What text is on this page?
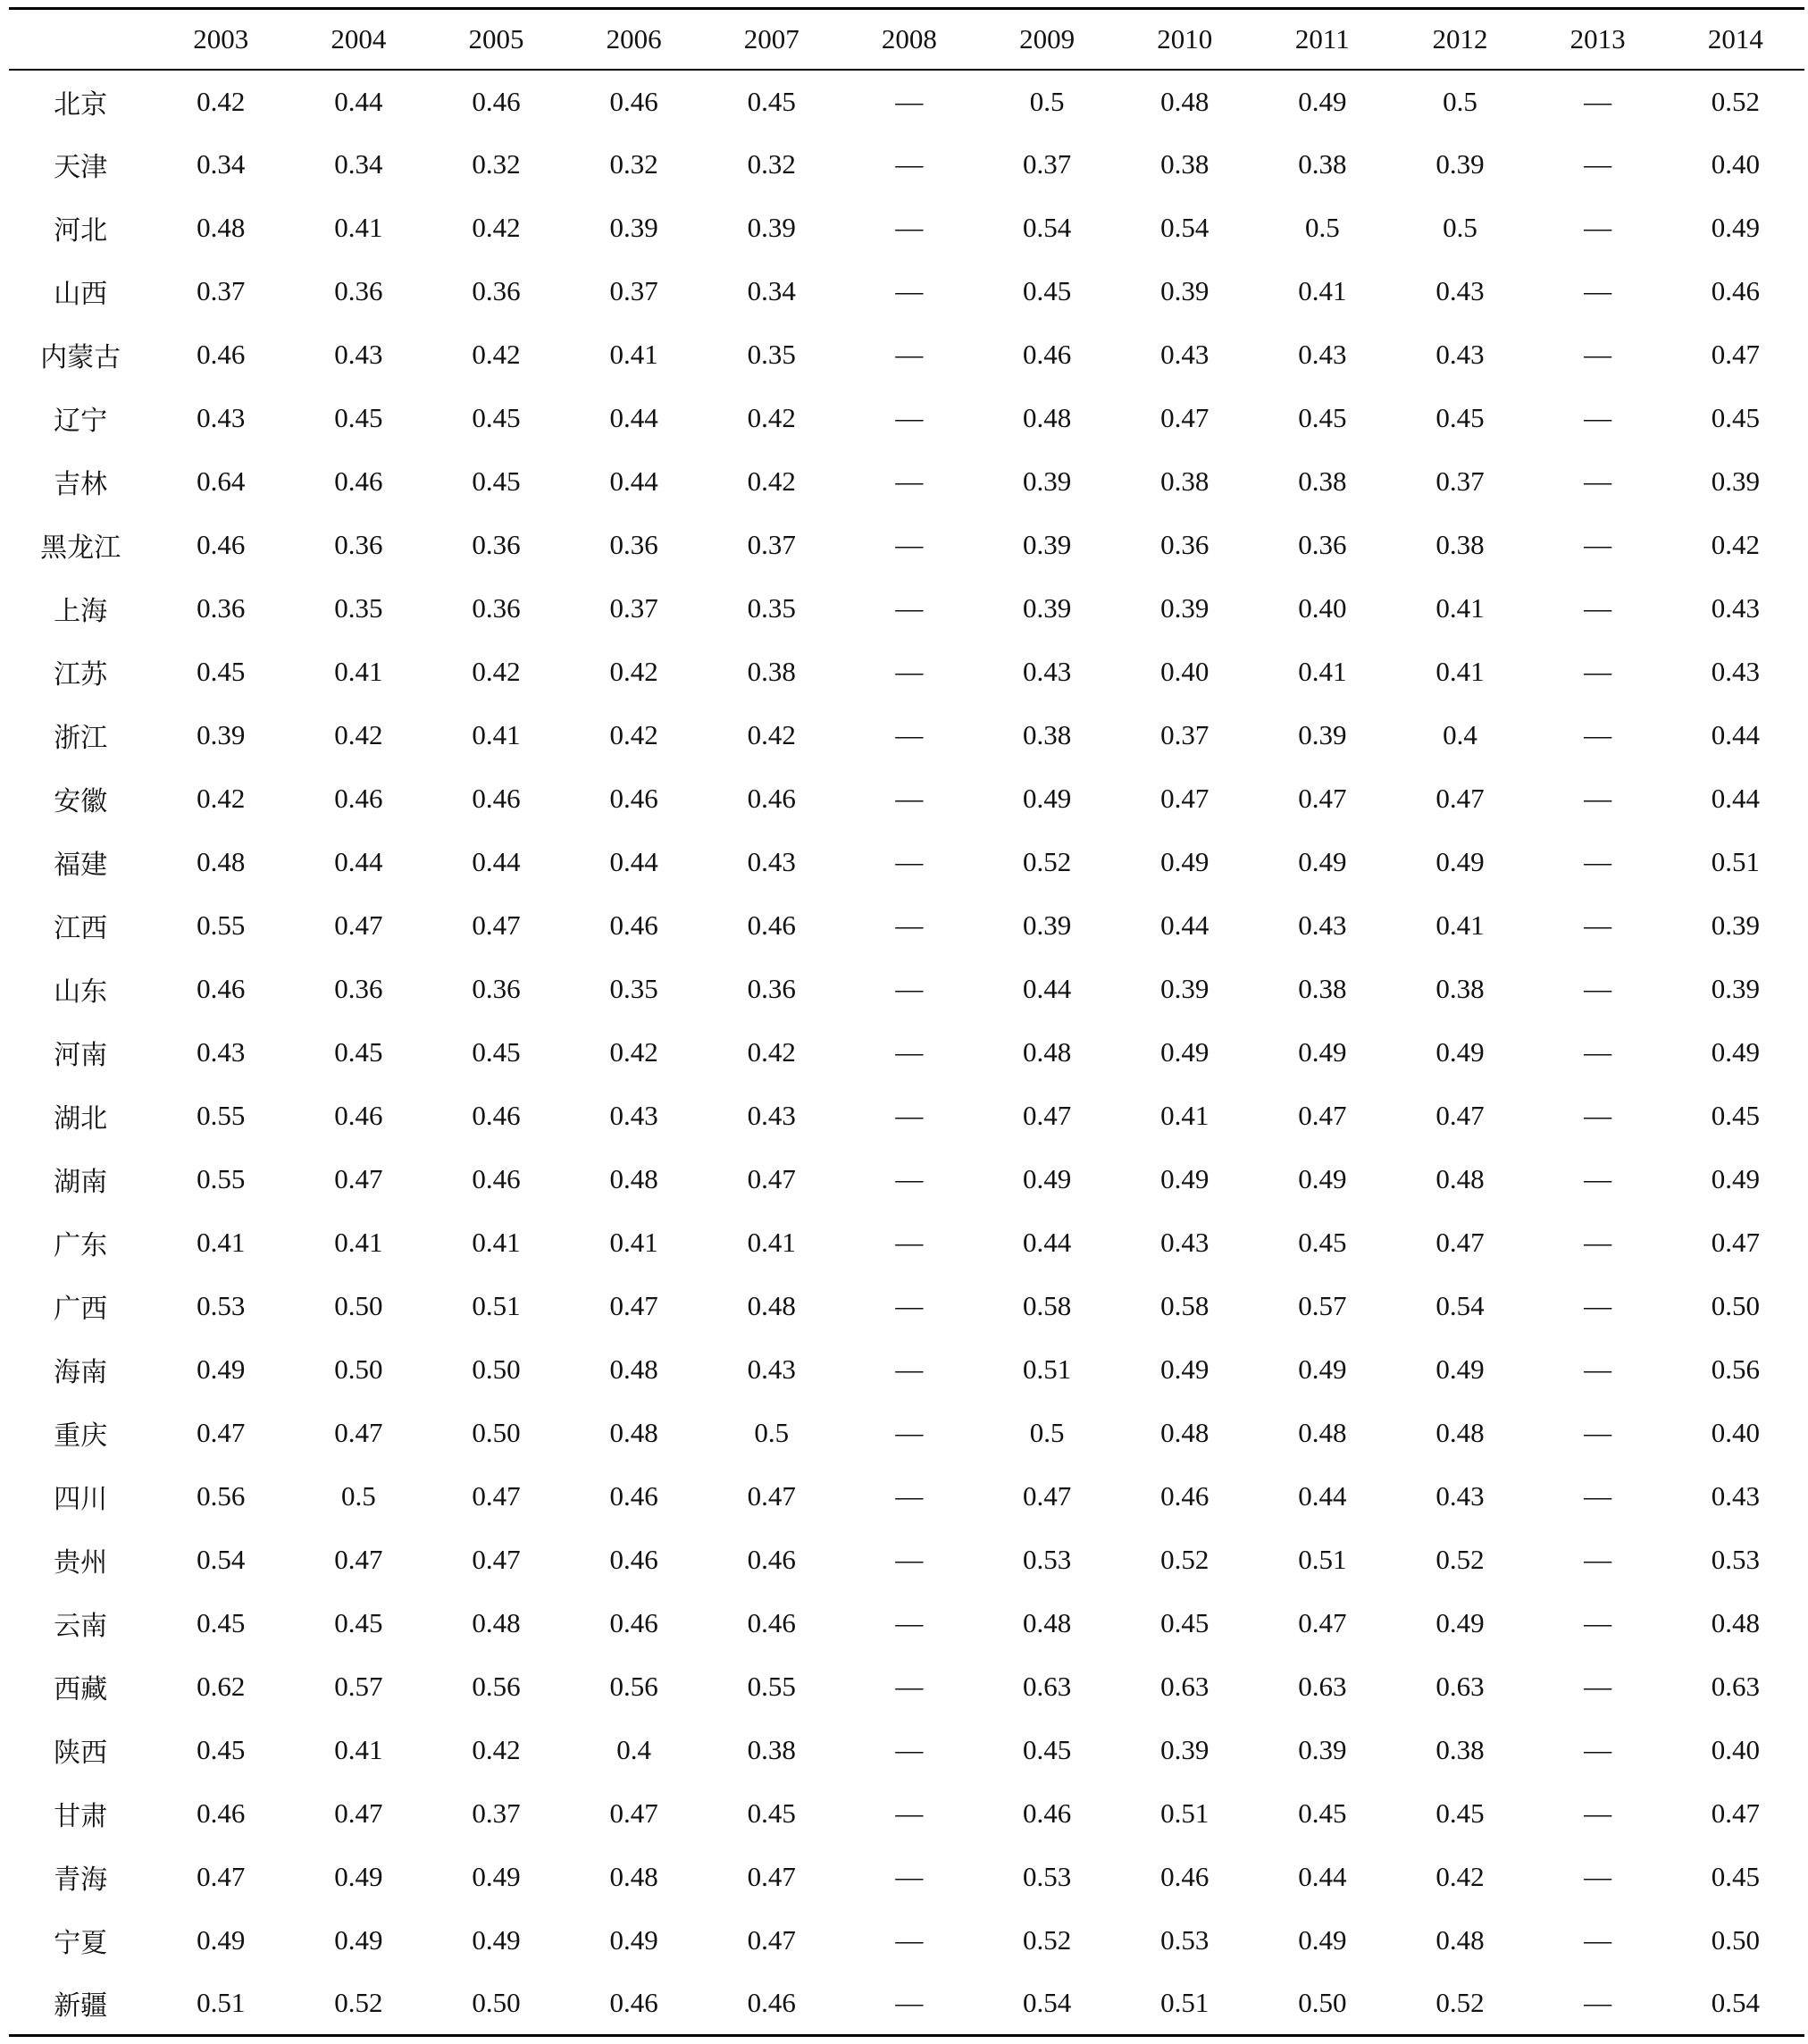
	2003	2004	2005	2006	2007	2008	2009	2010	2011	2012	2013	2014
北京	0.42	0.44	0.46	0.46	0.45	—	0.5	0.48	0.49	0.5	—	0.52
天津	0.34	0.34	0.32	0.32	0.32	—	0.37	0.38	0.38	0.39	—	0.40
河北	0.48	0.41	0.42	0.39	0.39	—	0.54	0.54	0.5	0.5	—	0.49
山西	0.37	0.36	0.36	0.37	0.34	—	0.45	0.39	0.41	0.43	—	0.46
内蒙古	0.46	0.43	0.42	0.41	0.35	—	0.46	0.43	0.43	0.43	—	0.47
辽宁	0.43	0.45	0.45	0.44	0.42	—	0.48	0.47	0.45	0.45	—	0.45
吉林	0.64	0.46	0.45	0.44	0.42	—	0.39	0.38	0.38	0.37	—	0.39
黑龙江	0.46	0.36	0.36	0.36	0.37	—	0.39	0.36	0.36	0.38	—	0.42
上海	0.36	0.35	0.36	0.37	0.35	—	0.39	0.39	0.40	0.41	—	0.43
江苏	0.45	0.41	0.42	0.42	0.38	—	0.43	0.40	0.41	0.41	—	0.43
浙江	0.39	0.42	0.41	0.42	0.42	—	0.38	0.37	0.39	0.4	—	0.44
安徽	0.42	0.46	0.46	0.46	0.46	—	0.49	0.47	0.47	0.47	—	0.44
福建	0.48	0.44	0.44	0.44	0.43	—	0.52	0.49	0.49	0.49	—	0.51
江西	0.55	0.47	0.47	0.46	0.46	—	0.39	0.44	0.43	0.41	—	0.39
山东	0.46	0.36	0.36	0.35	0.36	—	0.44	0.39	0.38	0.38	—	0.39
河南	0.43	0.45	0.45	0.42	0.42	—	0.48	0.49	0.49	0.49	—	0.49
湖北	0.55	0.46	0.46	0.43	0.43	—	0.47	0.41	0.47	0.47	—	0.45
湖南	0.55	0.47	0.46	0.48	0.47	—	0.49	0.49	0.49	0.48	—	0.49
广东	0.41	0.41	0.41	0.41	0.41	—	0.44	0.43	0.45	0.47	—	0.47
广西	0.53	0.50	0.51	0.47	0.48	—	0.58	0.58	0.57	0.54	—	0.50
海南	0.49	0.50	0.50	0.48	0.43	—	0.51	0.49	0.49	0.49	—	0.56
重庆	0.47	0.47	0.50	0.48	0.5	—	0.5	0.48	0.48	0.48	—	0.40
四川	0.56	0.5	0.47	0.46	0.47	—	0.47	0.46	0.44	0.43	—	0.43
贵州	0.54	0.47	0.47	0.46	0.46	—	0.53	0.52	0.51	0.52	—	0.53
云南	0.45	0.45	0.48	0.46	0.46	—	0.48	0.45	0.47	0.49	—	0.48
西藏	0.62	0.57	0.56	0.56	0.55	—	0.63	0.63	0.63	0.63	—	0.63
陕西	0.45	0.41	0.42	0.4	0.38	—	0.45	0.39	0.39	0.38	—	0.40
甘肃	0.46	0.47	0.37	0.47	0.45	—	0.46	0.51	0.45	0.45	—	0.47
青海	0.47	0.49	0.49	0.48	0.47	—	0.53	0.46	0.44	0.42	—	0.45
宁夏	0.49	0.49	0.49	0.49	0.47	—	0.52	0.53	0.49	0.48	—	0.50
新疆	0.51	0.52	0.50	0.46	0.46	—	0.54	0.51	0.50	0.52	—	0.54
